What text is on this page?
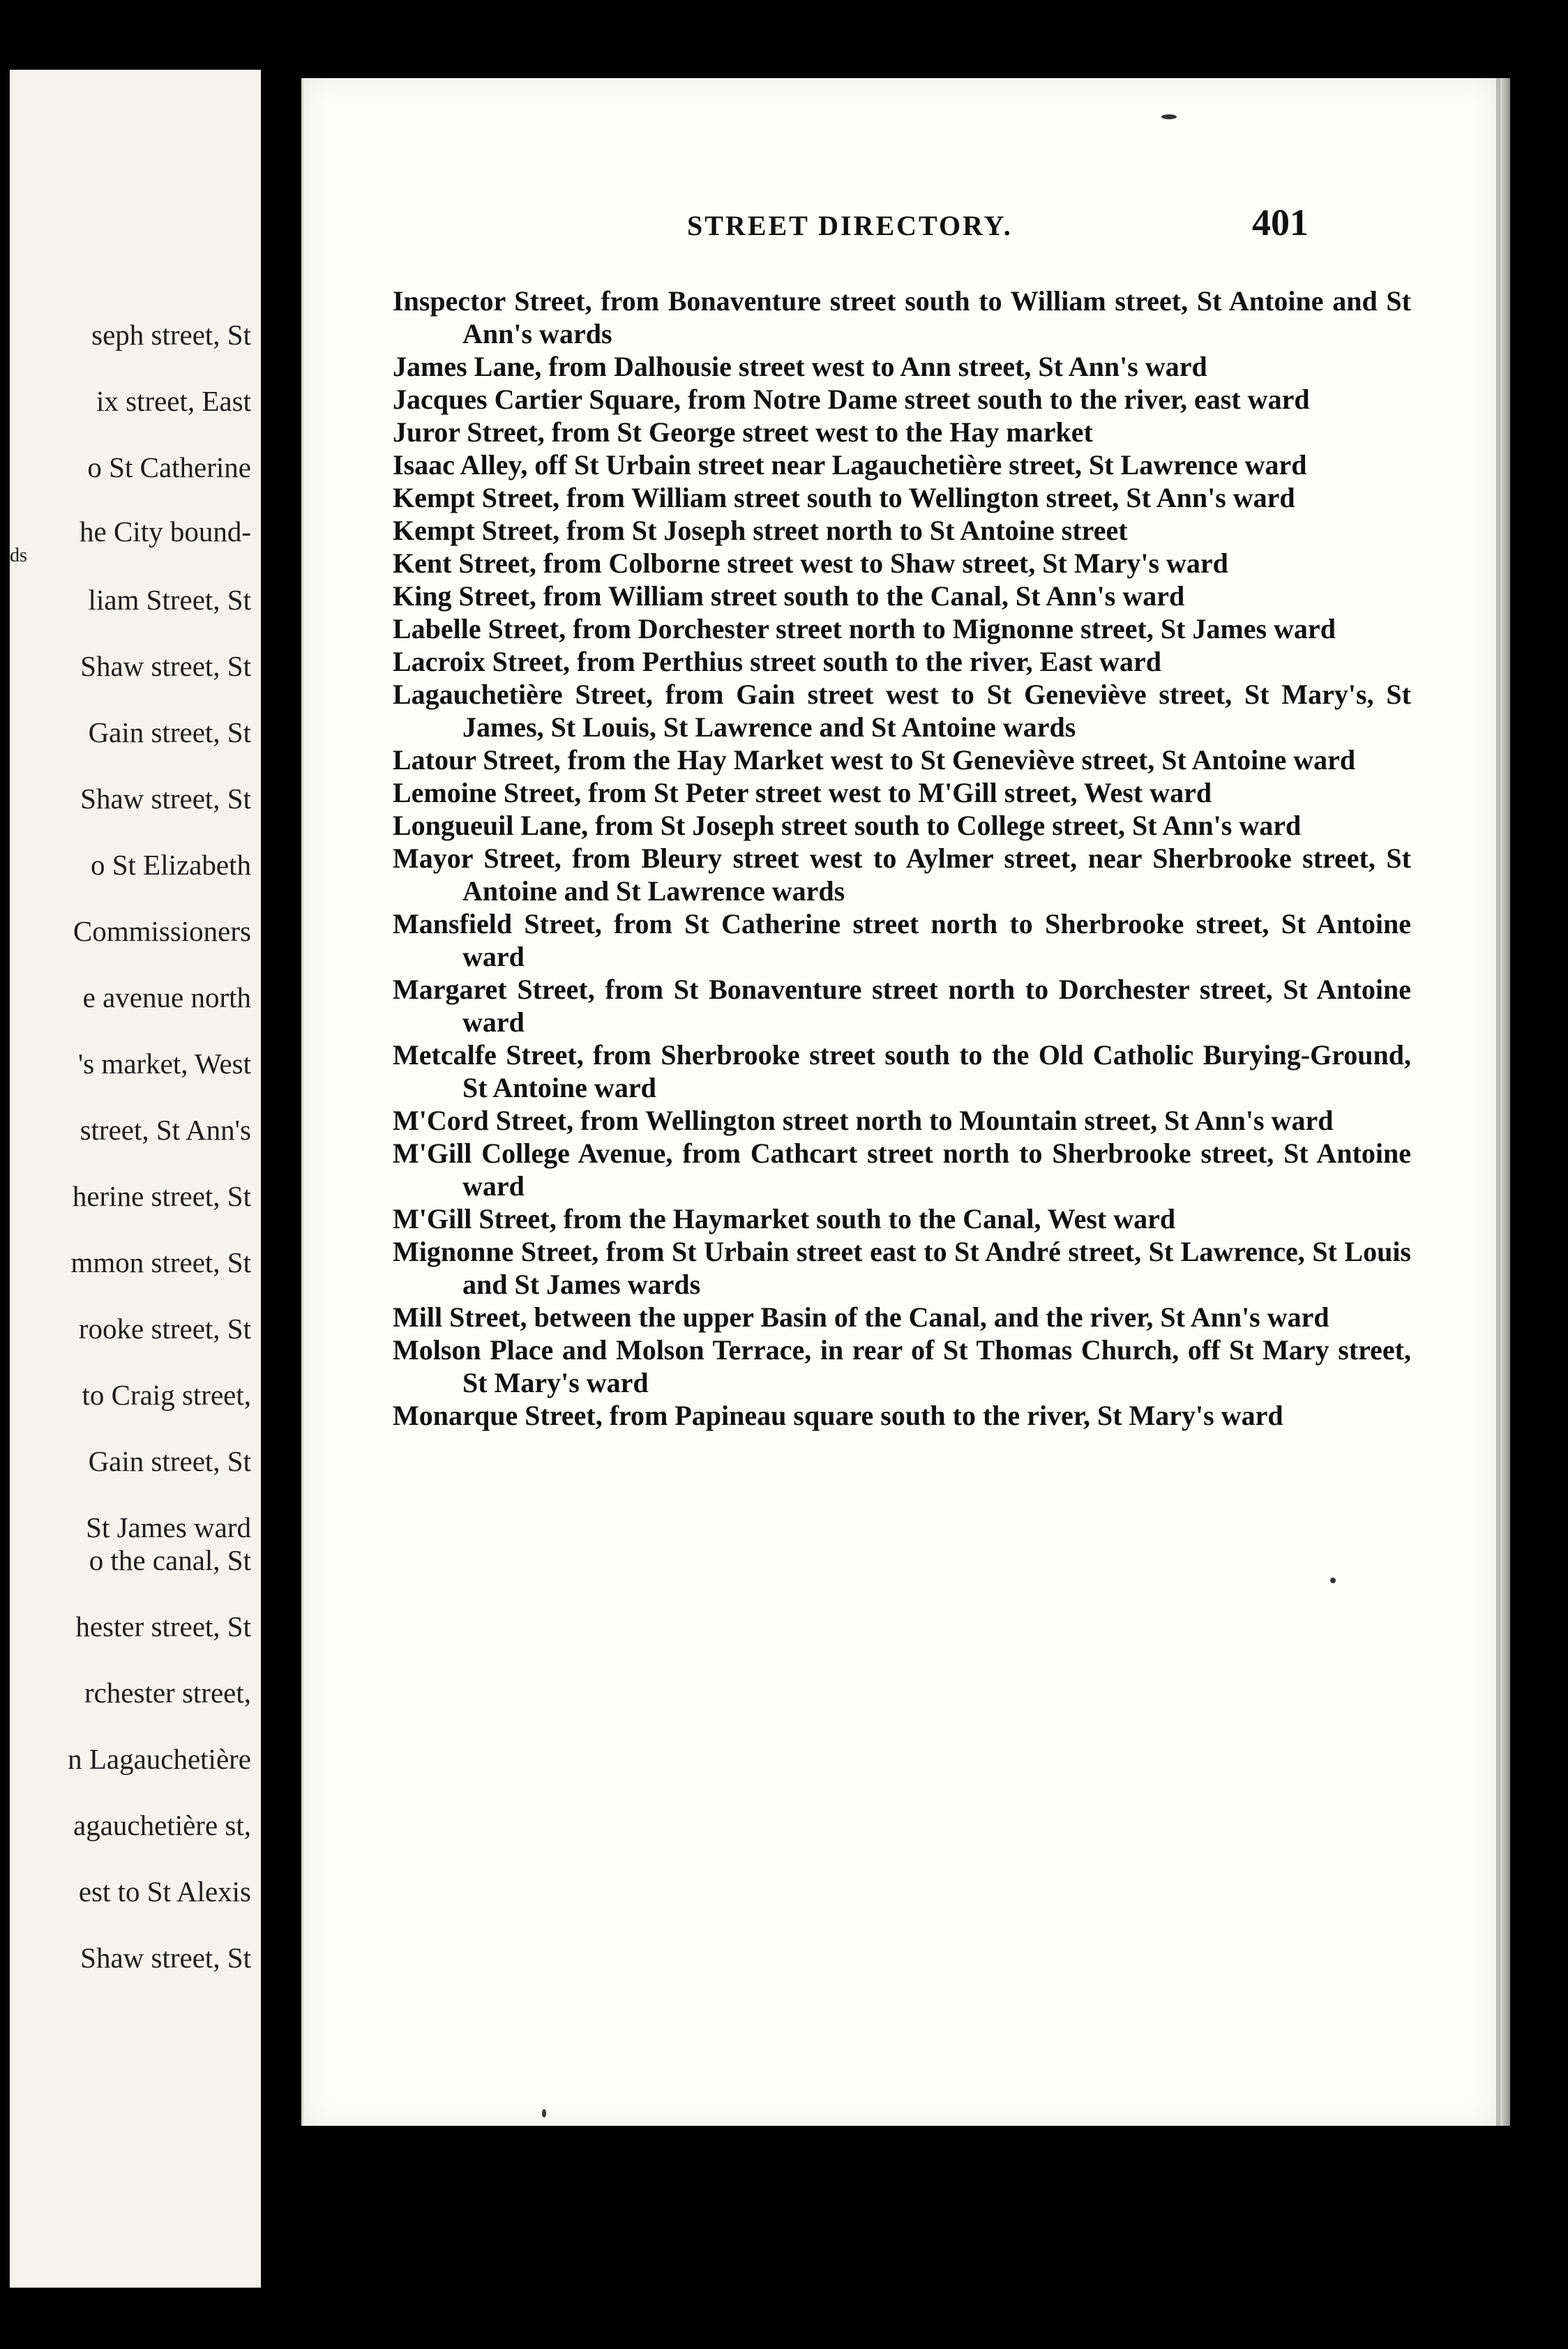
seph street, St
ix street, East
o St Catherine
he City bound-
ds
liam Street, St
Shaw street, St
Gain street, St
Shaw street, St
o St Elizabeth
Commissioners
e avenue north
's market, West
street, St Ann's
herine street, St
mmon street, St
rooke street, St
to Craig street,
Gain street, St
St James ward
o the canal, St
hester street, St
rchester street,
n Lagauchetière
agauchetière st,
est to St Alexis
Shaw street, St
STREET DIRECTORY.	401

Inspector Street, from Bonaventure street south to William street, St Antoine and St Ann's wards

James Lane, from Dalhousie street west to Ann street, St Ann's ward

Jacques Cartier Square, from Notre Dame street south to the river, east ward

Juror Street, from St George street west to the Hay market

Isaac Alley, off St Urbain street near Lagauchetière street, St Lawrence ward

Kempt Street, from William street south to Wellington street, St Ann's ward

Kempt Street, from St Joseph street north to St Antoine street

Kent Street, from Colborne street west to Shaw street, St Mary's ward

King Street, from William street south to the Canal, St Ann's ward

Labelle Street, from Dorchester street north to Mignonne street, St James ward

Lacroix Street, from Perthius street south to the river, East ward

Lagauchetière Street, from Gain street west to St Geneviève street, St Mary's, St James, St Louis, St Lawrence and St Antoine wards

Latour Street, from the Hay Market west to St Geneviève street, St Antoine ward

Lemoine Street, from St Peter street west to M'Gill street, West ward

Longueuil Lane, from St Joseph street south to College street, St Ann's ward

Mayor Street, from Bleury street west to Aylmer street, near Sherbrooke street, St Antoine and St Lawrence wards

Mansfield Street, from St Catherine street north to Sherbrooke street, St Antoine ward

Margaret Street, from St Bonaventure street north to Dorchester street, St Antoine ward

Metcalfe Street, from Sherbrooke street south to the Old Catholic Burying-Ground, St Antoine ward

M'Cord Street, from Wellington street north to Mountain street, St Ann's ward

M'Gill College Avenue, from Cathcart street north to Sherbrooke street, St Antoine ward

M'Gill Street, from the Haymarket south to the Canal, West ward

Mignonne Street, from St Urbain street east to St André street, St Lawrence, St Louis and St James wards

Mill Street, between the upper Basin of the Canal, and the river, St Ann's ward

Molson Place and Molson Terrace, in rear of St Thomas Church, off St Mary street, St Mary's ward

Monarque Street, from Papineau square south to the river, St Mary's ward
